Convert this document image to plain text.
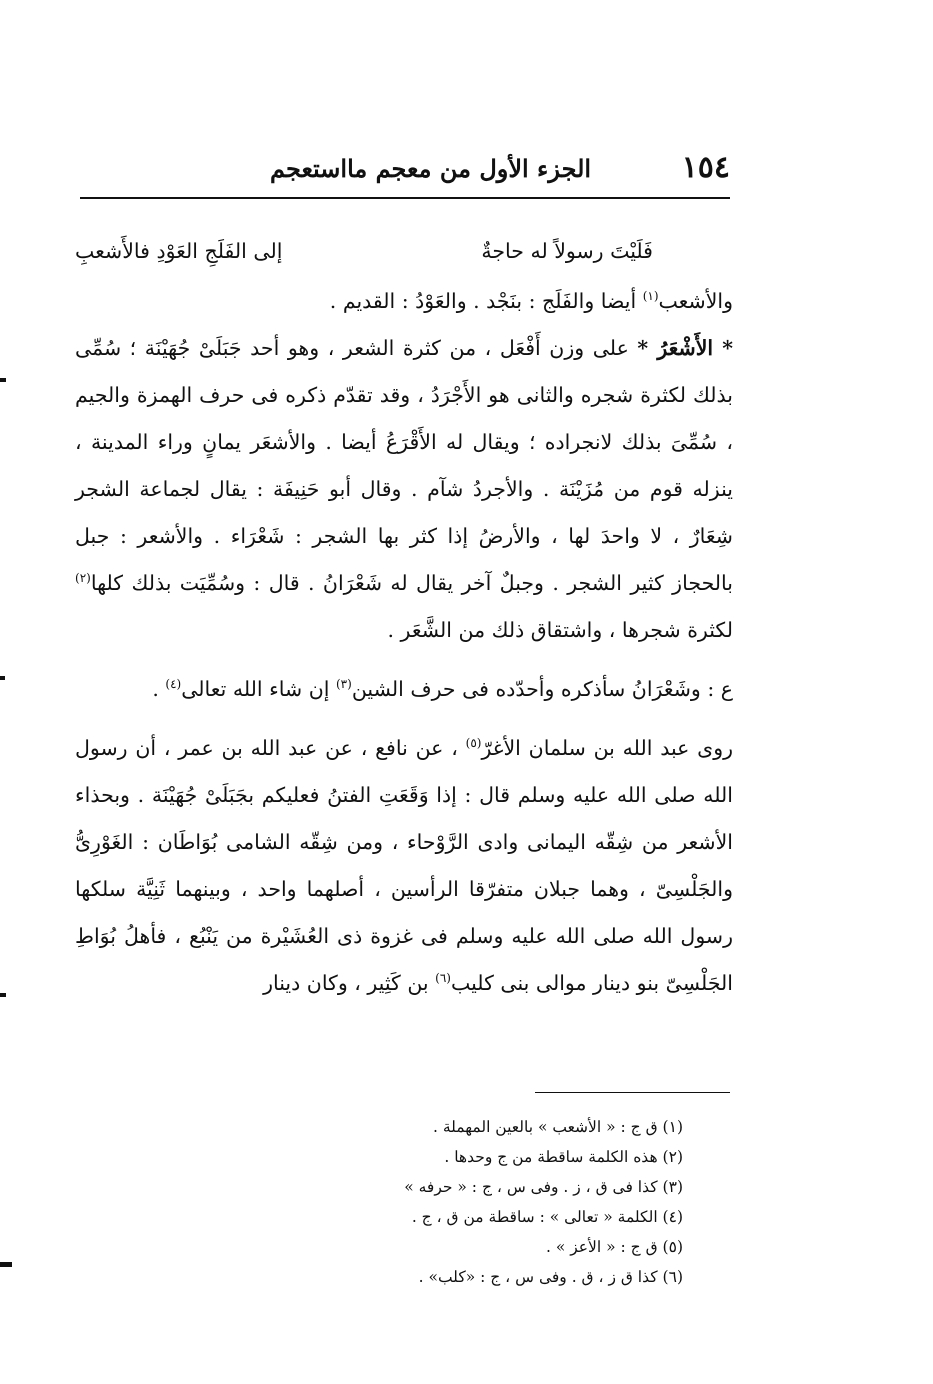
١٥٤
الجزء الأول من معجم مااستعجم
فَلَيْتَ رسولاً له حاجةٌ
إلى الفَلَجِ العَوْدِ فالأَشعبِ

والأشعب$^{(١)}$ أيضا والفَلَج : بنَجْد . والعَوْدُ : القديم .

* الأَشْعَرُ * على وزن أَفْعَل ، من كثرة الشعر ، وهو أحد جَبَلَىْ جُهَيْنَة ؛ سُمِّى بذلك لكثرة شجره والثانى هو الأَجْرَدُ ، وقد تقدّم ذكره فى حرف الهمزة والجيم ، سُمِّىَ بذلك لانجراده ؛ ويقال له الأَقْرَعُ أيضا . والأشعَر يمانٍ وراء المدينة ، ينزله قوم من مُزَيْنَة . والأجردُ شآم . وقال أبو حَنِيفَة : يقال لجماعة الشجر شِعَارٌ ، لا واحدَ لها ، والأرضُ إذا كثر بها الشجر : شَعْرَاء . والأشعر : جبل بالحجاز كثير الشجر . وجبلٌ آخر يقال له شَعْرَانُ . قال : وسُمِّيَت بذلك كلها$^{(٢)}$ لكثرة شجرها ، واشتقاق ذلك من الشَّعَر .

ع : وشَعْرَانُ سأذكره وأحدّده فى حرف الشين$^{(٣)}$ إن شاء الله تعالى$^{(٤)}$ .

روى عبد الله بن سلمان الأغرّ$^{(٥)}$ ، عن نافع ، عن عبد الله بن عمر ، أن رسول الله صلى الله عليه وسلم قال : إذا وَقَعَتِ الفتنُ فعليكم بجَبَلَىْ جُهَيْنَة . وبحذاء الأشعر من شِقّه اليمانى وادى الرَّوْحاء ، ومن شِقّه الشامى بُوَاطَان : الغَوْرِىُّ والجَلْسِىّ ، وهما جبلان متفرّقا الرأسين ، أصلهما واحد ، وبينهما ثَنِيَّة سلكها رسول الله صلى الله عليه وسلم فى غزوة ذى العُشَيْرة من يَنْبُع ، فأهلُ بُوَاطِ الجَلْسِىّ بنو دينار موالى بنى كليب$^{(٦)}$ بن كَثِير ، وكان دينار

(١) ق ج : « الأشعب » بالعين المهملة .
(٢) هذه الكلمة ساقطة من ج وحدها .
(٣) كذا فى ق ، ز . وفى س ، ج : « حرفه »
(٤) الكلمة « تعالى » : ساقطة من ق ، ج .
(٥) ق ج : « الأعز » .
(٦) كذا ق ز ، ق . وفى س ، ج : «كلب» .
